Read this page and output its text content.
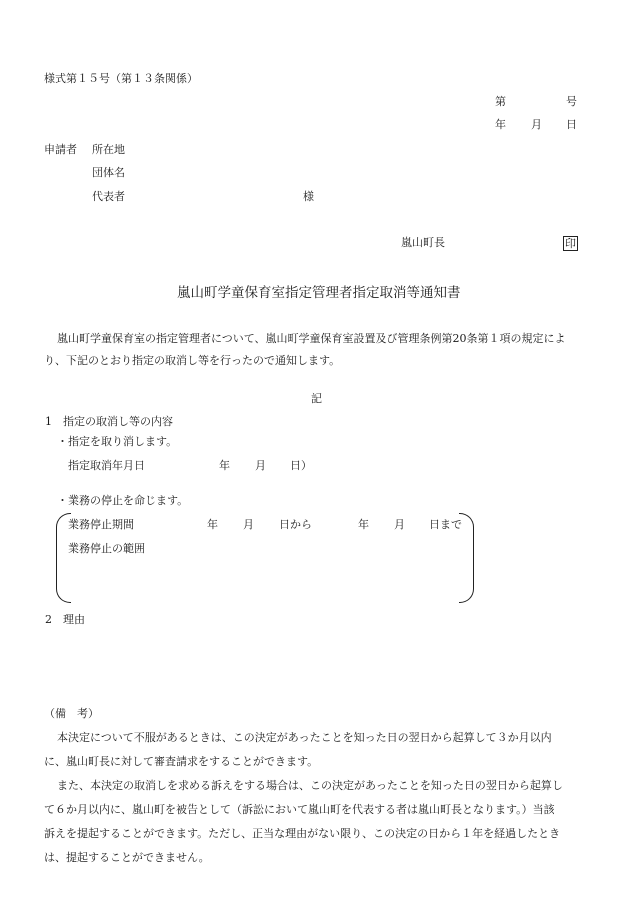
様式第１５号（第１３条関係）
第	号
年 月 日
申請者 所在地
団体名
代表者	様
嵐山町長	印
嵐山町学童保育室指定管理者指定取消等通知書
嵐山町学童保育室の指定管理者について、嵐山町学童保育室設置及び管理条例第20条第１項の規定によ
り、下記のとおり指定の取消し等を行ったので通知します。
記
1　指定の取消し等の内容
・指定を取り消します。
指定取消年月日	年 月 日）
・業務の停止を命じます。
業務停止期間	年 月 日から	年 月 日まで
業務停止の範囲
2　理由
（備　考）
本決定について不服があるときは、この決定があったことを知った日の翌日から起算して３か月以内
に、嵐山町長に対して審査請求をすることができます。
また、本決定の取消しを求める訴えをする場合は、この決定があったことを知った日の翌日から起算し
て６か月以内に、嵐山町を被告として（訴訟において嵐山町を代表する者は嵐山町長となります。）当該
訴えを提起することができます。ただし、正当な理由がない限り、この決定の日から１年を経過したとき
は、提起することができません。
